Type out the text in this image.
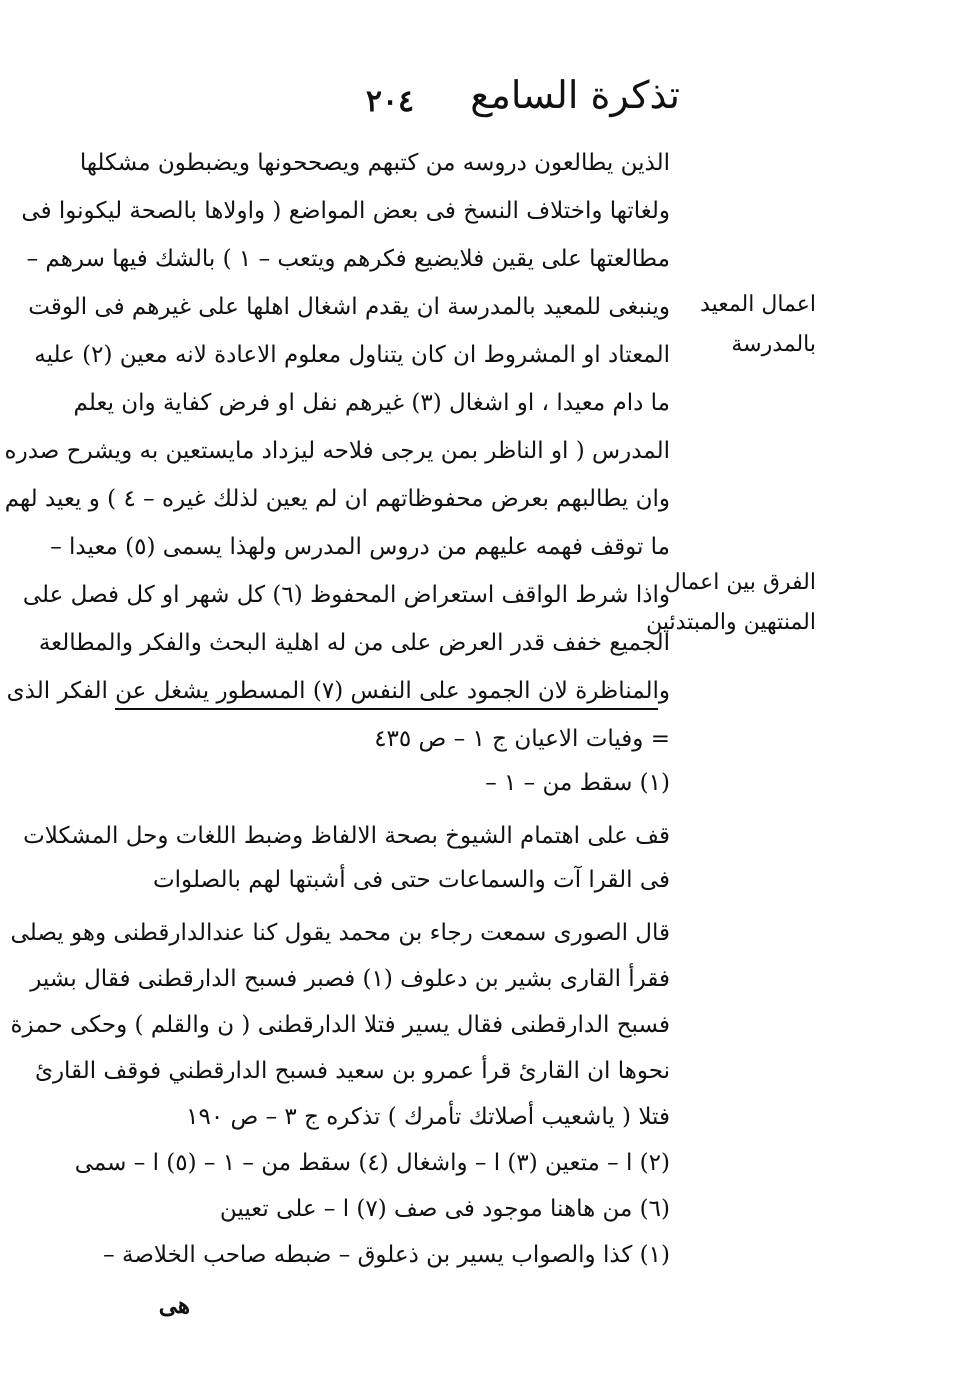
تذكرة السامع
٢٠٤
الذين يطالعون دروسه من كتبهم ويصححونها ويضبطون مشكلها
ولغاتها واختلاف النسخ فى بعض المواضع ( واولاها بالصحة ليكونوا فى
مطالعتها على يقين فلايضيع فكرهم ويتعب – ١ ) بالشك فيها سرهم –
وينبغى للمعيد بالمدرسة ان يقدم اشغال اهلها على غيرهم فى الوقت
المعتاد او المشروط ان كان يتناول معلوم الاعادة لانه معين (٢) عليه
ما دام معيدا ، او اشغال (٣) غيرهم نفل او فرض كفاية وان يعلم
المدرس ( او الناظر بمن يرجى فلاحه ليزداد مايستعين به ويشرح صدره
وان يطالبهم بعرض محفوظاتهم ان لم يعين لذلك غيره – ٤ ) و يعيد لهم
ما توقف فهمه عليهم من دروس المدرس ولهذا يسمى (٥) معيدا –
واذا شرط الواقف استعراض المحفوظ (٦) كل شهر او كل فصل على
الجميع خفف قدر العرض على من له اهلية البحث والفكر والمطالعة
والمناظرة لان الجمود على النفس (٧) المسطور يشغل عن الفكر الذى
اعمال المعيد
بالمدرسة
الفرق بين اعمال
المنتهين والمبتدئين
= وفيات الاعيان ج ١ – ص ٤٣٥
(١) سقط من – ١ –
قف على اهتمام الشيوخ بصحة الالفاظ وضبط اللغات وحل المشكلات
فى القرا آت والسماعات حتى فى أشبتها لهم بالصلوات
قال الصورى سمعت رجاء بن محمد يقول كنا عندالدارقطنى وهو يصلى
فقرأ القارى بشير بن دعلوف (١) فصبر فسبح الدارقطنى فقال بشير
فسبح الدارقطنى فقال يسير فتلا الدارقطنى ( ن والقلم ) وحكى حمزة
نحوها ان القارئ قرأ عمرو بن سعيد فسبح الدارقطني فوقف القارئ
فتلا ( ياشعيب أصلاتك تأمرك ) تذكره ج ٣ – ص ١٩٠
(٢) ا – متعين (٣) ا – واشغال (٤) سقط من – ١ – (٥) ا – سمى
(٦) من هاهنا موجود فى صف (٧) ا – على تعيين
(١) كذا والصواب يسير بن ذعلوق – ضبطه صاحب الخلاصة –
هى
